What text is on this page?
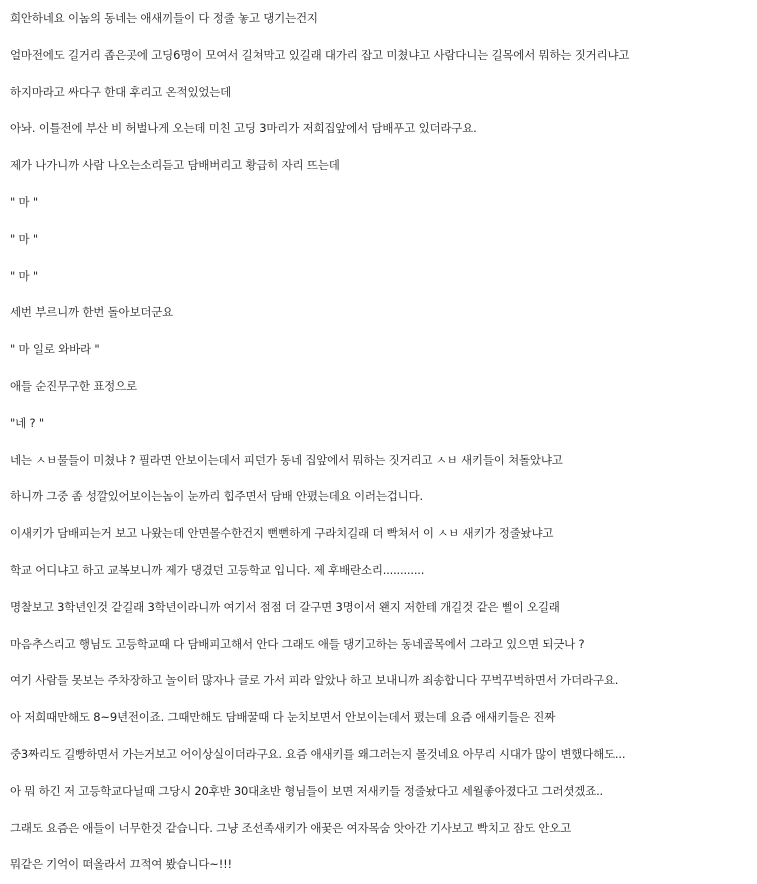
희안하네요 이놈의 동네는 애새끼들이 다 정줄 놓고 댕기는건지
얼마전에도 길거리 좁은곳에 고딩6명이 모여서 길쳐막고 있길래 대가리 잡고 미쳤냐고 사람다니는 길목에서 뭐하는 짓거리냐고
하지마라고 싸다구 한대 후리고 온적있었는데
아놔. 이틀전에 부산 비 허벌나게 오는데 미친 고딩 3마리가 저희집앞에서 담배푸고 있더라구요.
제가 나가니까 사람 나오는소리듣고 담배버리고 황급히 자리 뜨는데
" 마 "
" 마 "
" 마 "
세번 부르니까 한번 돌아보더군요
" 마 일로 와바라 "
애들 순진무구한 표정으로
"네 ? "
네는 ㅅㅂ물들이 미쳤냐 ? 필라면 안보이는데서 피던가 동네 집앞에서 뭐하는 짓거리고 ㅅㅂ 새키들이 쳐돌았냐고
하니까 그중 좀 성깔있어보이는놈이 눈까리 힙주면서 담배 안폈는데요 이러는겁니다.
이새키가 담배피는거 보고 나왔는데 안면몰수한건지 뻔뻔하게 구라치길래 더 빡쳐서 이 ㅅㅂ 새키가 정줄놨냐고
학교 어디냐고 하고 교복보니까 제가 댕겼던 고등학교 입니다. 제 후배란소리............
명찰보고 3학년인것 같길래 3학년이라니까 여기서 점점 더 갈구면 3명이서 왠지 저한테 개길것 같은 삘이 오길래
마음추스리고 행님도 고등학교때 다 담배피고해서 안다 그래도 애들 댕기고하는 동네골목에서 그라고 있으면 되긋나 ?
여기 사람들 못보는 주차장하고 놀이터 많자나 글로 가서 피라 알았나 하고 보내니까 죄송합니다 꾸벅꾸벅하면서 가더라구요.
아 저희때만해도 8~9년전이죠. 그때만해도 담배꿀때 다 눈치보면서 안보이는데서 폈는데 요즘 애새키들은 진짜
중3짜리도 길빵하면서 가는거보고 어이상실이더라구요. 요즘 애새키를 왜그러는지 몰것네요 아무리 시대가 많이 변했다해도...
아 뭐 하긴 저 고등학교다닐때 그당시 20후반 30대초반 형님들이 보면 저새키들 정줄놨다고 세월좋아졌다고 그러셧겠죠..
그래도 요즘은 애들이 너무한것 같습니다. 그냥 조선족새키가 애꿎은 여자목숨 앗아간 기사보고 빡치고 잠도 안오고
뭐같은 기억이 떠올라서 끄적여 봤습니다~!!!
